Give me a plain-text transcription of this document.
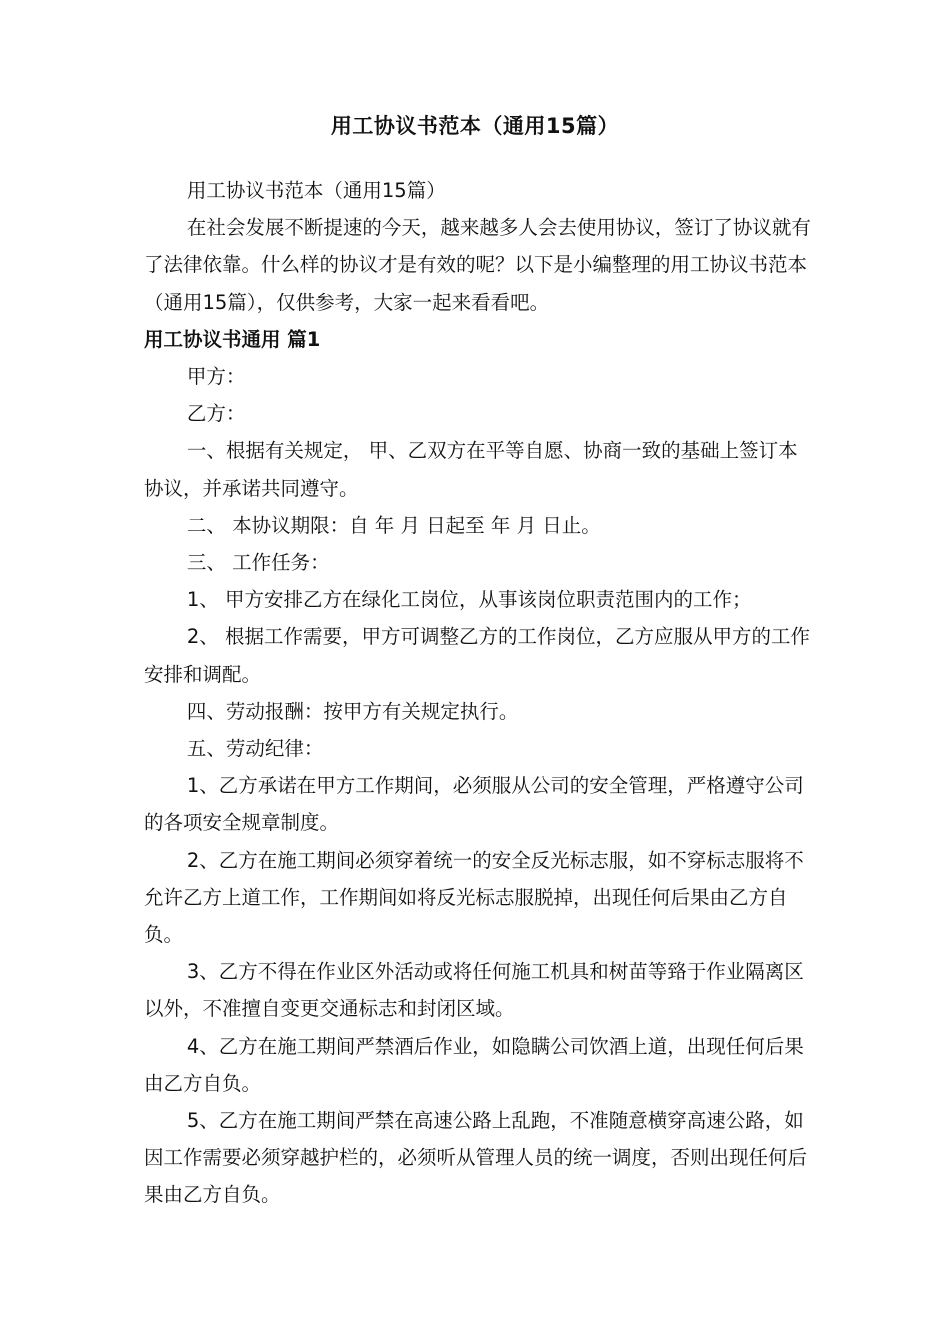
用工协议书范本（通用15篇）

用工协议书范本（通用15篇）

在社会发展不断提速的今天，越来越多人会去使用协议，签订了协议就有了法律依靠。什么样的协议才是有效的呢？以下是小编整理的用工协议书范本（通用15篇），仅供参考，大家一起来看看吧。

用工协议书通用 篇1

甲方：

乙方：

一、根据有关规定， 甲、乙双方在平等自愿、协商一致的基础上签订本协议，并承诺共同遵守。

二、 本协议期限：自 年 月 日起至 年 月 日止。

三、 工作任务：

1、 甲方安排乙方在绿化工岗位，从事该岗位职责范围内的工作；

2、 根据工作需要，甲方可调整乙方的工作岗位，乙方应服从甲方的工作安排和调配。

四、劳动报酬：按甲方有关规定执行。

五、劳动纪律：

1、乙方承诺在甲方工作期间，必须服从公司的安全管理，严格遵守公司的各项安全规章制度。

2、乙方在施工期间必须穿着统一的安全反光标志服，如不穿标志服将不允许乙方上道工作，工作期间如将反光标志服脱掉，出现任何后果由乙方自负。

3、乙方不得在作业区外活动或将任何施工机具和树苗等臵于作业隔离区以外，不准擅自变更交通标志和封闭区域。

4、乙方在施工期间严禁酒后作业，如隐瞒公司饮酒上道，出现任何后果由乙方自负。

5、乙方在施工期间严禁在高速公路上乱跑，不准随意横穿高速公路，如因工作需要必须穿越护栏的，必须听从管理人员的统一调度，否则出现任何后果由乙方自负。
